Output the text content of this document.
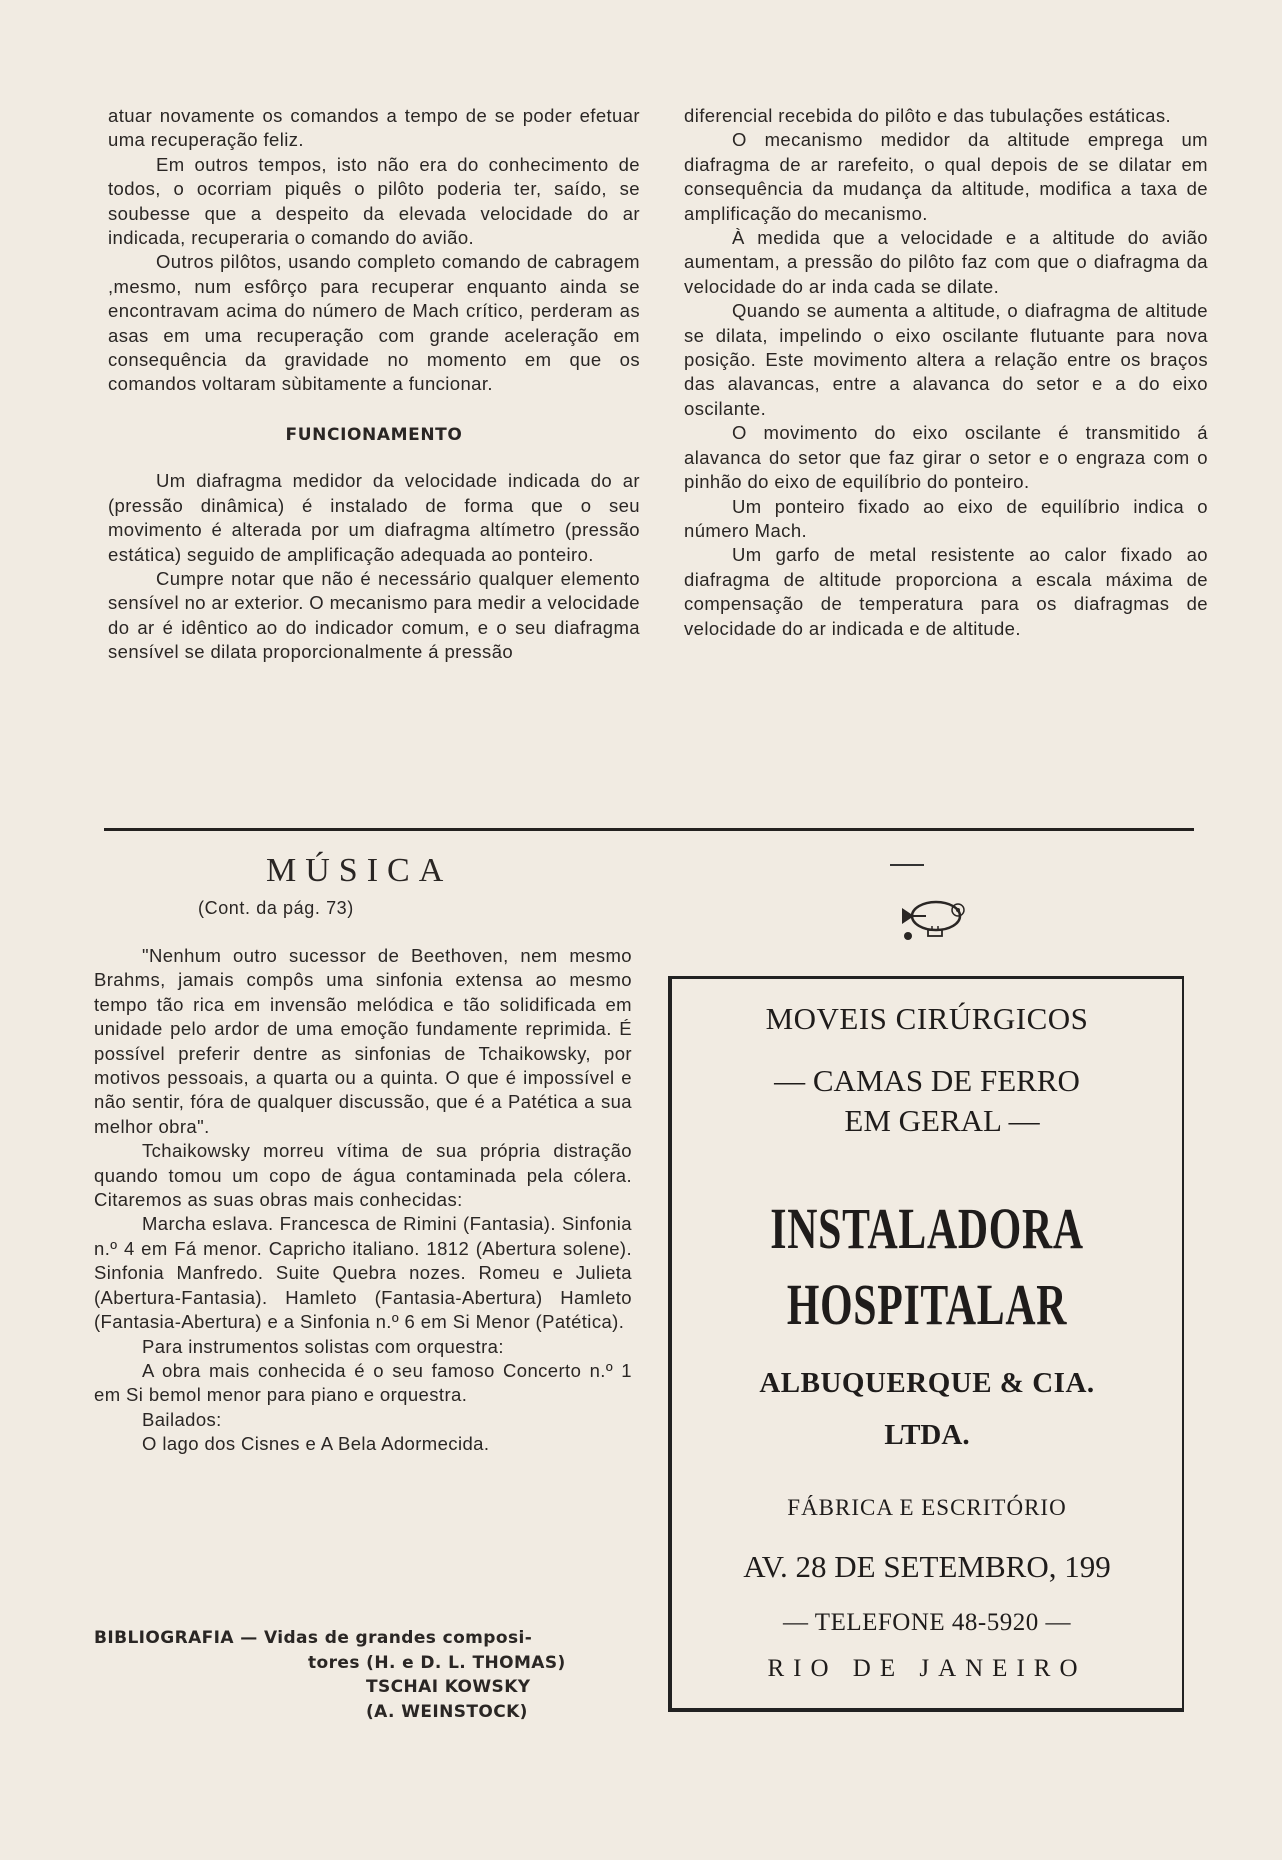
atuar novamente os comandos a tempo de se poder efetuar uma recuperação feliz.

Em outros tempos, isto não era do conhecimento de todos, o ocorriam piquês o pilôto poderia ter, saído, se soubesse que a despeito da elevada velocidade do ar indicada, recuperaria o comando do avião.

Outros pilôtos, usando completo comando de cabragem ,mesmo, num esfôrço para recuperar enquanto ainda se encontravam acima do número de Mach crítico, perderam as asas em uma recuperação com grande aceleração em consequência da gravidade no momento em que os comandos voltaram sùbitamente a funcionar.

FUNCIONAMENTO

Um diafragma medidor da velocidade indicada do ar (pressão dinâmica) é instalado de forma que o seu movimento é alterada por um diafragma altímetro (pressão estática) seguido de amplificação adequada ao ponteiro.

Cumpre notar que não é necessário qualquer elemento sensível no ar exterior. O mecanismo para medir a velocidade do ar é idêntico ao do indicador comum, e o seu diafragma sensível se dilata proporcionalmente á pressão

diferencial recebida do pilôto e das tubulações estáticas.

O mecanismo medidor da altitude emprega um diafragma de ar rarefeito, o qual depois de se dilatar em consequência da mudança da altitude, modifica a taxa de amplificação do mecanismo.

À medida que a velocidade e a altitude do avião aumentam, a pressão do pilôto faz com que o diafragma da velocidade do ar inda cada se dilate.

Quando se aumenta a altitude, o diafragma de altitude se dilata, impelindo o eixo oscilante flutuante para nova posição. Este movimento altera a relação entre os braços das alavancas, entre a alavanca do setor e a do eixo oscilante.

O movimento do eixo oscilante é transmitido á alavanca do setor que faz girar o setor e o engraza com o pinhão do eixo de equilíbrio do ponteiro.

Um ponteiro fixado ao eixo de equilíbrio indica o número Mach.

Um garfo de metal resistente ao calor fixado ao diafragma de altitude proporciona a escala máxima de compensação de temperatura para os diafragmas de velocidade do ar indicada e de altitude.

MÚSICA
(Cont. da pág. 73)

"Nenhum outro sucessor de Beethoven, nem mesmo Brahms, jamais compôs uma sinfonia extensa ao mesmo tempo tão rica em invensão melódica e tão solidificada em unidade pelo ardor de uma emoção fundamente reprimida. É possível preferir dentre as sinfonias de Tchaikowsky, por motivos pessoais, a quarta ou a quinta. O que é impossível e não sentir, fóra de qualquer discussão, que é a Patética a sua melhor obra".

Tchaikowsky morreu vítima de sua própria distração quando tomou um copo de água contaminada pela cólera. Citaremos as suas obras mais conhecidas:

Marcha eslava. Francesca de Rimini (Fantasia). Sinfonia n.º 4 em Fá menor. Capricho italiano. 1812 (Abertura solene). Sinfonia Manfredo. Suite Quebra nozes. Romeu e Julieta (Abertura-Fantasia). Hamleto (Fantasia-Abertura) Hamleto (Fantasia-Abertura) e a Sinfonia n.º 6 em Si Menor (Patética).

Para instrumentos solistas com orquestra:

A obra mais conhecida é o seu famoso Concerto n.º 1 em Si bemol menor para piano e orquestra.

Bailados:

O lago dos Cisnes e A Bela Adormecida.

BIBLIOGRAFIA — Vidas de grandes composi-
tores (H. e D. L. THOMAS)
TSCHAI KOWSKY
(A. WEINSTOCK)
MOVEIS CIRÚRGICOS
— CAMAS DE FERRO
EM GERAL —
INSTALADORA
HOSPITALAR
ALBUQUERQUE & CIA.
LTDA.
FÁBRICA E ESCRITÓRIO
AV. 28 DE SETEMBRO, 199
— TELEFONE 48-5920 —
RIO DE JANEIRO
